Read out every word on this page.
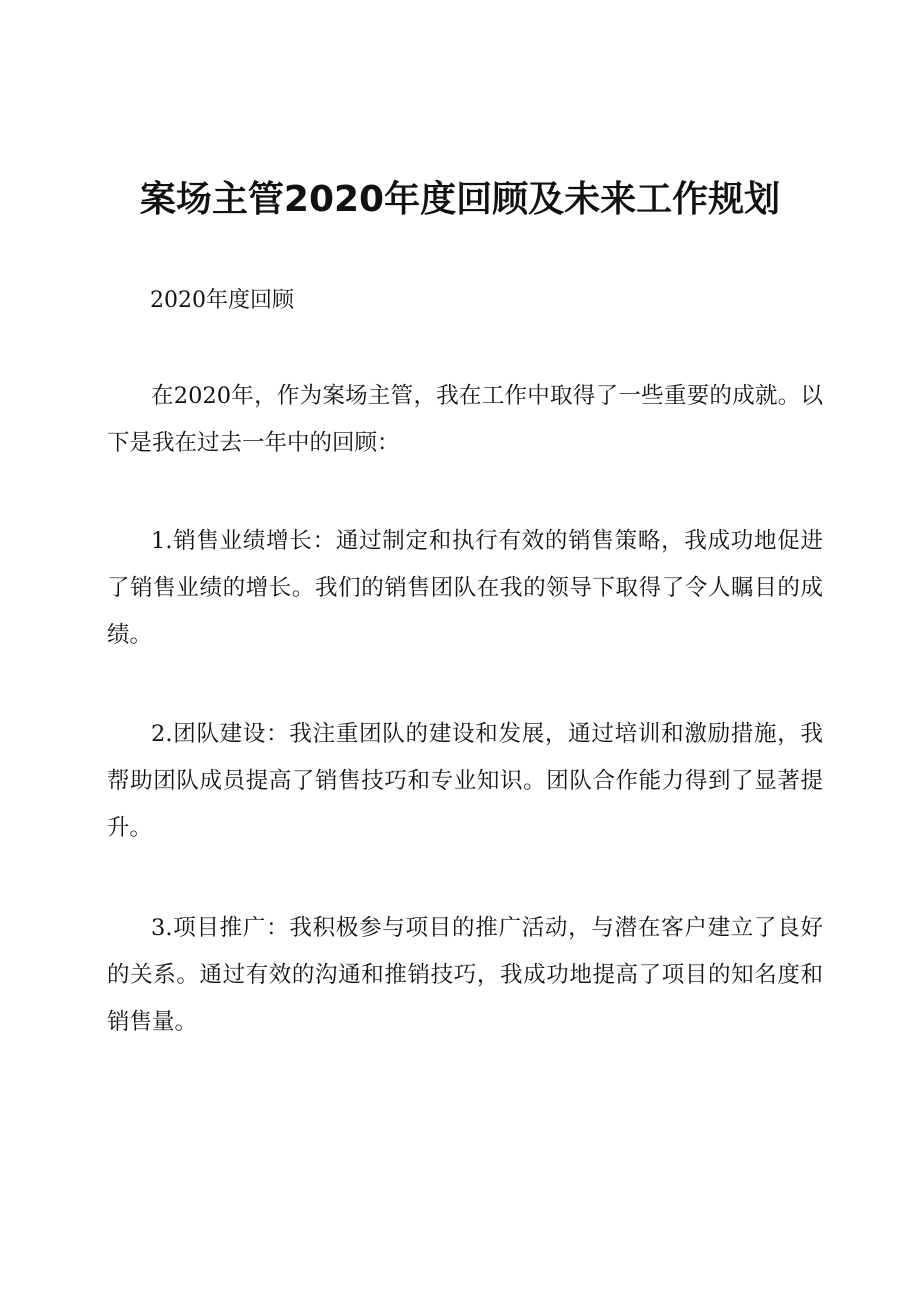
案场主管2020年度回顾及未来工作规划
2020年度回顾

在2020年，作为案场主管，我在工作中取得了一些重要的成就。以下是我在过去一年中的回顾：

1.销售业绩增长：通过制定和执行有效的销售策略，我成功地促进了销售业绩的增长。我们的销售团队在我的领导下取得了令人瞩目的成绩。

2.团队建设：我注重团队的建设和发展，通过培训和激励措施，我帮助团队成员提高了销售技巧和专业知识。团队合作能力得到了显著提升。

3.项目推广：我积极参与项目的推广活动，与潜在客户建立了良好的关系。通过有效的沟通和推销技巧，我成功地提高了项目的知名度和销售量。
